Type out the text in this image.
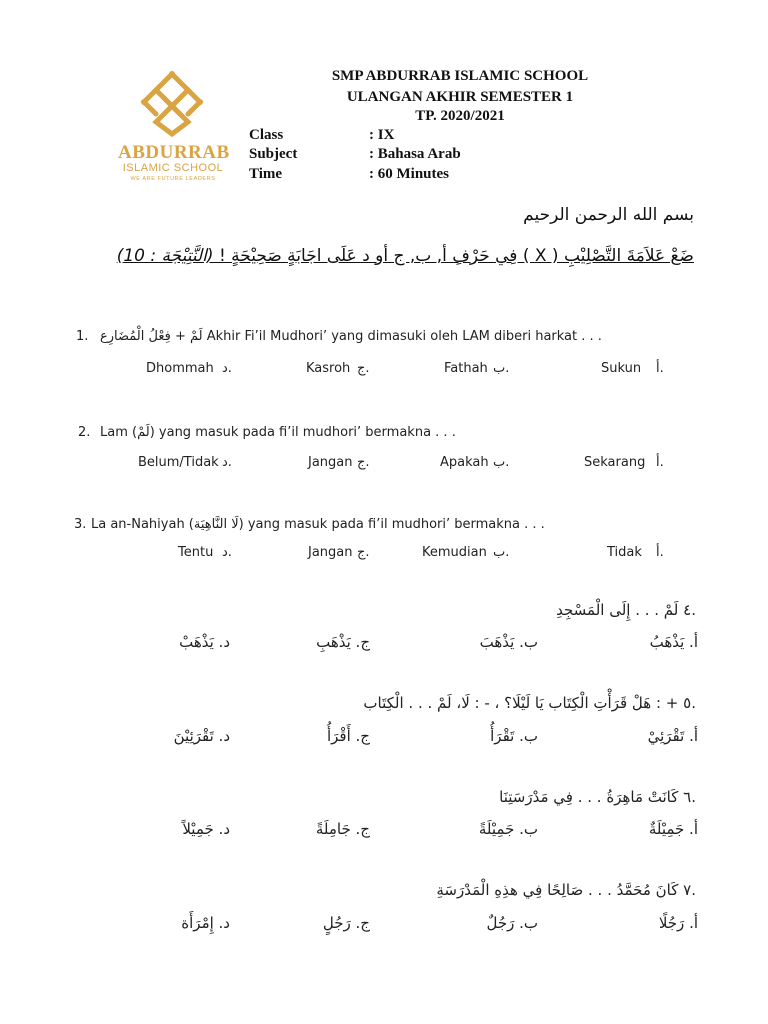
ABDURRAB
ISLAMIC SCHOOL
WE ARE FUTURE LEADERS
SMP ABDURRAB ISLAMIC SCHOOL
ULANGAN AKHIR SEMESTER 1
TP. 2020/2021
Class	: IX
Subject	: Bahasa Arab
Time	: 60 Minutes
بسم الله الرحمن الرحيم
ضَعْ عَلاَمَةَ التَّصْلِيْبِ ( X ) فِي حَرْفِ أ, ب, ج أو د عَلَى اجَابَةٍ صَحِيْحَةٍ ! (النَّتِيْجَة : 10)
1. لَمْ + فِعْلُ الْمُضَارِع Akhir Fi’il Mudhori’ yang dimasuki oleh LAM diberi harkat . . .
Dhommah د.	Kasroh ج.	Fathah ب.	Sukun أ.
2. Lam (لَمْ) yang masuk pada fi’il mudhori’ bermakna . . .
Belum/Tidak د.	Jangan ج.	Apakah ب.	Sekarang أ.
3. La an-Nahiyah (لَا النَّاهِيَة) yang masuk pada fi’il mudhori’ bermakna . . .
Tentu د.	Jangan ج.	Kemudian ب.	Tidak أ.
.٤ لَمْ . . . إِلَى الْمَسْجِدِ
أ. يَذْهَبُ
ب. يَذْهَبَ
ج. يَذْهَبِ
د. يَذْهَبْ
.٥ + : هَلْ قَرَأْتِ الْكِتَاب يَا لَيْلَا؟ ، - : لَا، لَمْ . . . الْكِتَاب
أ. تَقْرَئِيْ
ب. تَقْرَأُ
ج. أَقْرَأُ
د. تَقْرَئِيْنَ
.٦ كَانَتْ مَاهِرَةُ . . . فِي مَدْرَسَتِنَا
أ. جَمِيْلَةٌ
ب. جَمِيْلَةً
ج. جَامِلَةً
د. جَمِيْلاً
.٧ كَانَ مُحَمَّدُ . . . صَالِحًا فِي هذِهِ الْمَدْرَسَةِ
أ. رَجُلًا
ب. رَجُلٌ
ج. رَجُلٍ
د. إِمْرَأَة
